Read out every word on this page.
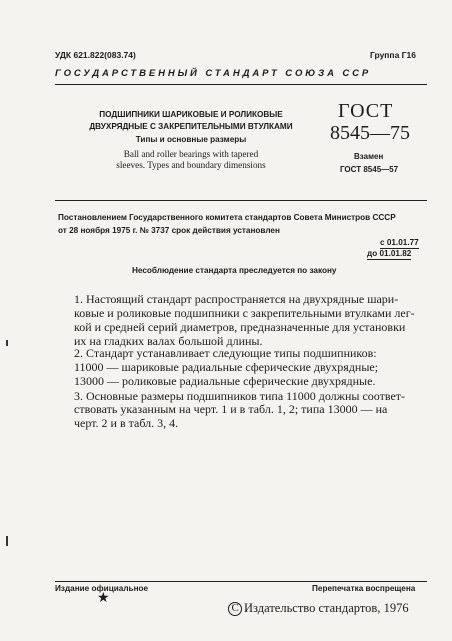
УДК 621.822(083.74)	Группа Г16
ГОСУДАРСТВЕННЫЙ СТАНДАРТ СОЮЗА ССР
ПОДШИПНИКИ ШАРИКОВЫЕ И РОЛИКОВЫЕ
ДВУХРЯДНЫЕ С ЗАКРЕПИТЕЛЬНЫМИ ВТУЛКАМИ
Типы и основные размеры
Ball and roller bearings with tapered
sleeves. Types and boundary dimensions
ГОСТ
8545—75
Взамен
ГОСТ 8545—57
Постановлением Государственного комитета стандартов Совета Министров СССР
от 28 ноября 1975 г. № 3737 срок действия установлен
с 01.01.77
до 01.01.82
Несоблюдение стандарта преследуется по закону
1. Настоящий стандарт распространяется на двухрядные шари-
ковые и роликовые подшипники с закрепительными втулками лег-
кой и средней серий диаметров, предназначенные для установки
их на гладких валах большой длины.
2. Стандарт устанавливает следующие типы подшипников:
11000 — шариковые радиальные сферические двухрядные;
13000 — роликовые радиальные сферические двухрядные.
3. Основные размеры подшипников типа 11000 должны соответ-
ствовать указанным на черт. 1 и в табл. 1, 2; типа 13000 — на
черт. 2 и в табл. 3, 4.
Издание официальное	Перепечатка воспрещена
★
C Издательство стандартов, 1976
